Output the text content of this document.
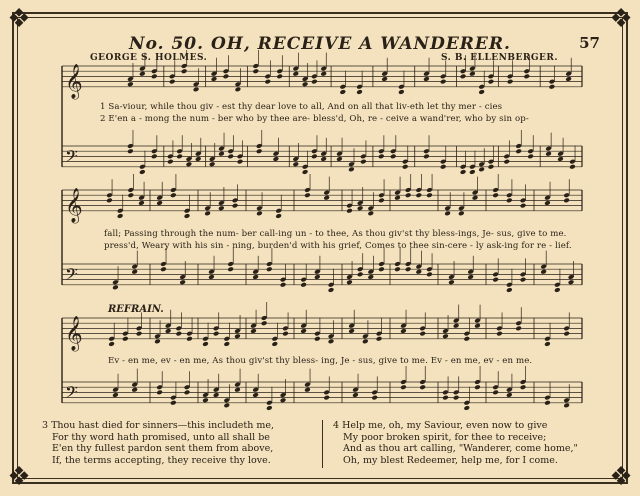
❖	❖
❖	❖
No. 50. OH, RECEIVE A WANDERER.	57
GEORGE S. HOLMES.	S. B. ELLENBERGER.
REFRAIN.
𝄞
𝄢
𝄞
𝄢
𝄞
𝄢
1 Sa-viour, while thou giv - est thy dear love to all, And on all that liv-eth let thy mer - cies
2 E'en a - mong the num - ber who by thee are- bless'd, Oh, re - ceive a wand'rer, who by sin op-
fall; Passing through the num- ber call-ing un - to thee, As thou giv'st thy bless-ings, Je- sus, give to me.
press'd, Weary with his sin - ning, burden'd with his grief, Comes to thee sin-cere - ly ask-ing for re - lief.
Ev - en me, ev - en me, As thou giv'st thy bless- ing, Je - sus, give to me. Ev - en me, ev - en me.
3 Thou hast died for sinners—this includeth me,
For thy word hath promised, unto all shall be
E'en thy fullest pardon sent them from above,
If, the terms accepting, they receive thy love.
4 Help me, oh, my Saviour, even now to give
My poor broken spirit, for thee to receive;
And as thou art calling, "Wanderer, come home,"
Oh, my blest Redeemer, help me, for I come.
